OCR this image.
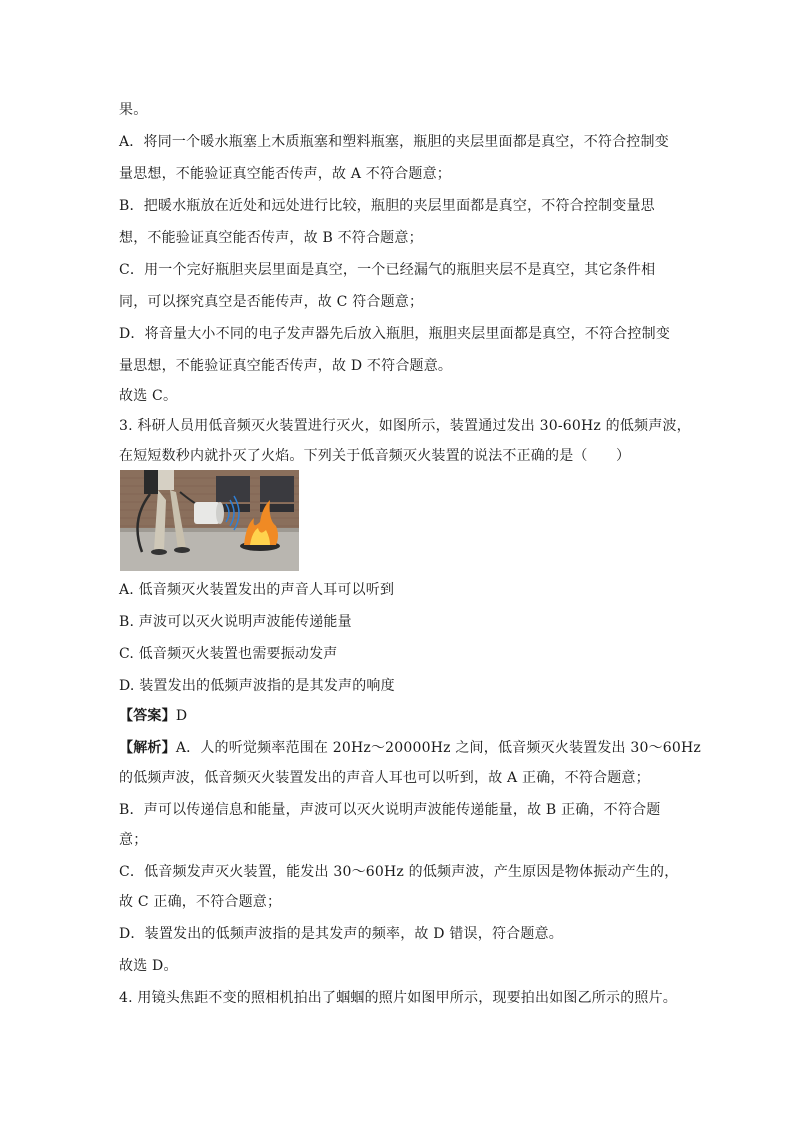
果。
A．将同一个暖水瓶塞上木质瓶塞和塑料瓶塞，瓶胆的夹层里面都是真空，不符合控制变
量思想，不能验证真空能否传声，故 A 不符合题意；
B．把暖水瓶放在近处和远处进行比较，瓶胆的夹层里面都是真空，不符合控制变量思
想，不能验证真空能否传声，故 B 不符合题意；
C．用一个完好瓶胆夹层里面是真空，一个已经漏气的瓶胆夹层不是真空，其它条件相
同，可以探究真空是否能传声，故 C 符合题意；
D．将音量大小不同的电子发声器先后放入瓶胆，瓶胆夹层里面都是真空，不符合控制变
量思想，不能验证真空能否传声，故 D 不符合题意。
故选 C。
3. 科研人员用低音频灭火装置进行灭火，如图所示，装置通过发出 30-60Hz 的低频声波，
在短短数秒内就扑灭了火焰。下列关于低音频灭火装置的说法不正确的是（　　）
A. 低音频灭火装置发出的声音人耳可以听到
B. 声波可以灭火说明声波能传递能量
C. 低音频灭火装置也需要振动发声
D. 装置发出的低频声波指的是其发声的响度
【答案】D
【解析】A．人的听觉频率范围在 20Hz～20000Hz 之间，低音频灭火装置发出 30～60Hz
的低频声波，低音频灭火装置发出的声音人耳也可以听到，故 A 正确，不符合题意；
B．声可以传递信息和能量，声波可以灭火说明声波能传递能量，故 B 正确，不符合题
意；
C．低音频发声灭火装置，能发出 30～60Hz 的低频声波，产生原因是物体振动产生的，
故 C 正确，不符合题意；
D．装置发出的低频声波指的是其发声的频率，故 D 错误，符合题意。
故选 D。
4. 用镜头焦距不变的照相机拍出了蝈蝈的照片如图甲所示，现要拍出如图乙所示的照片。
